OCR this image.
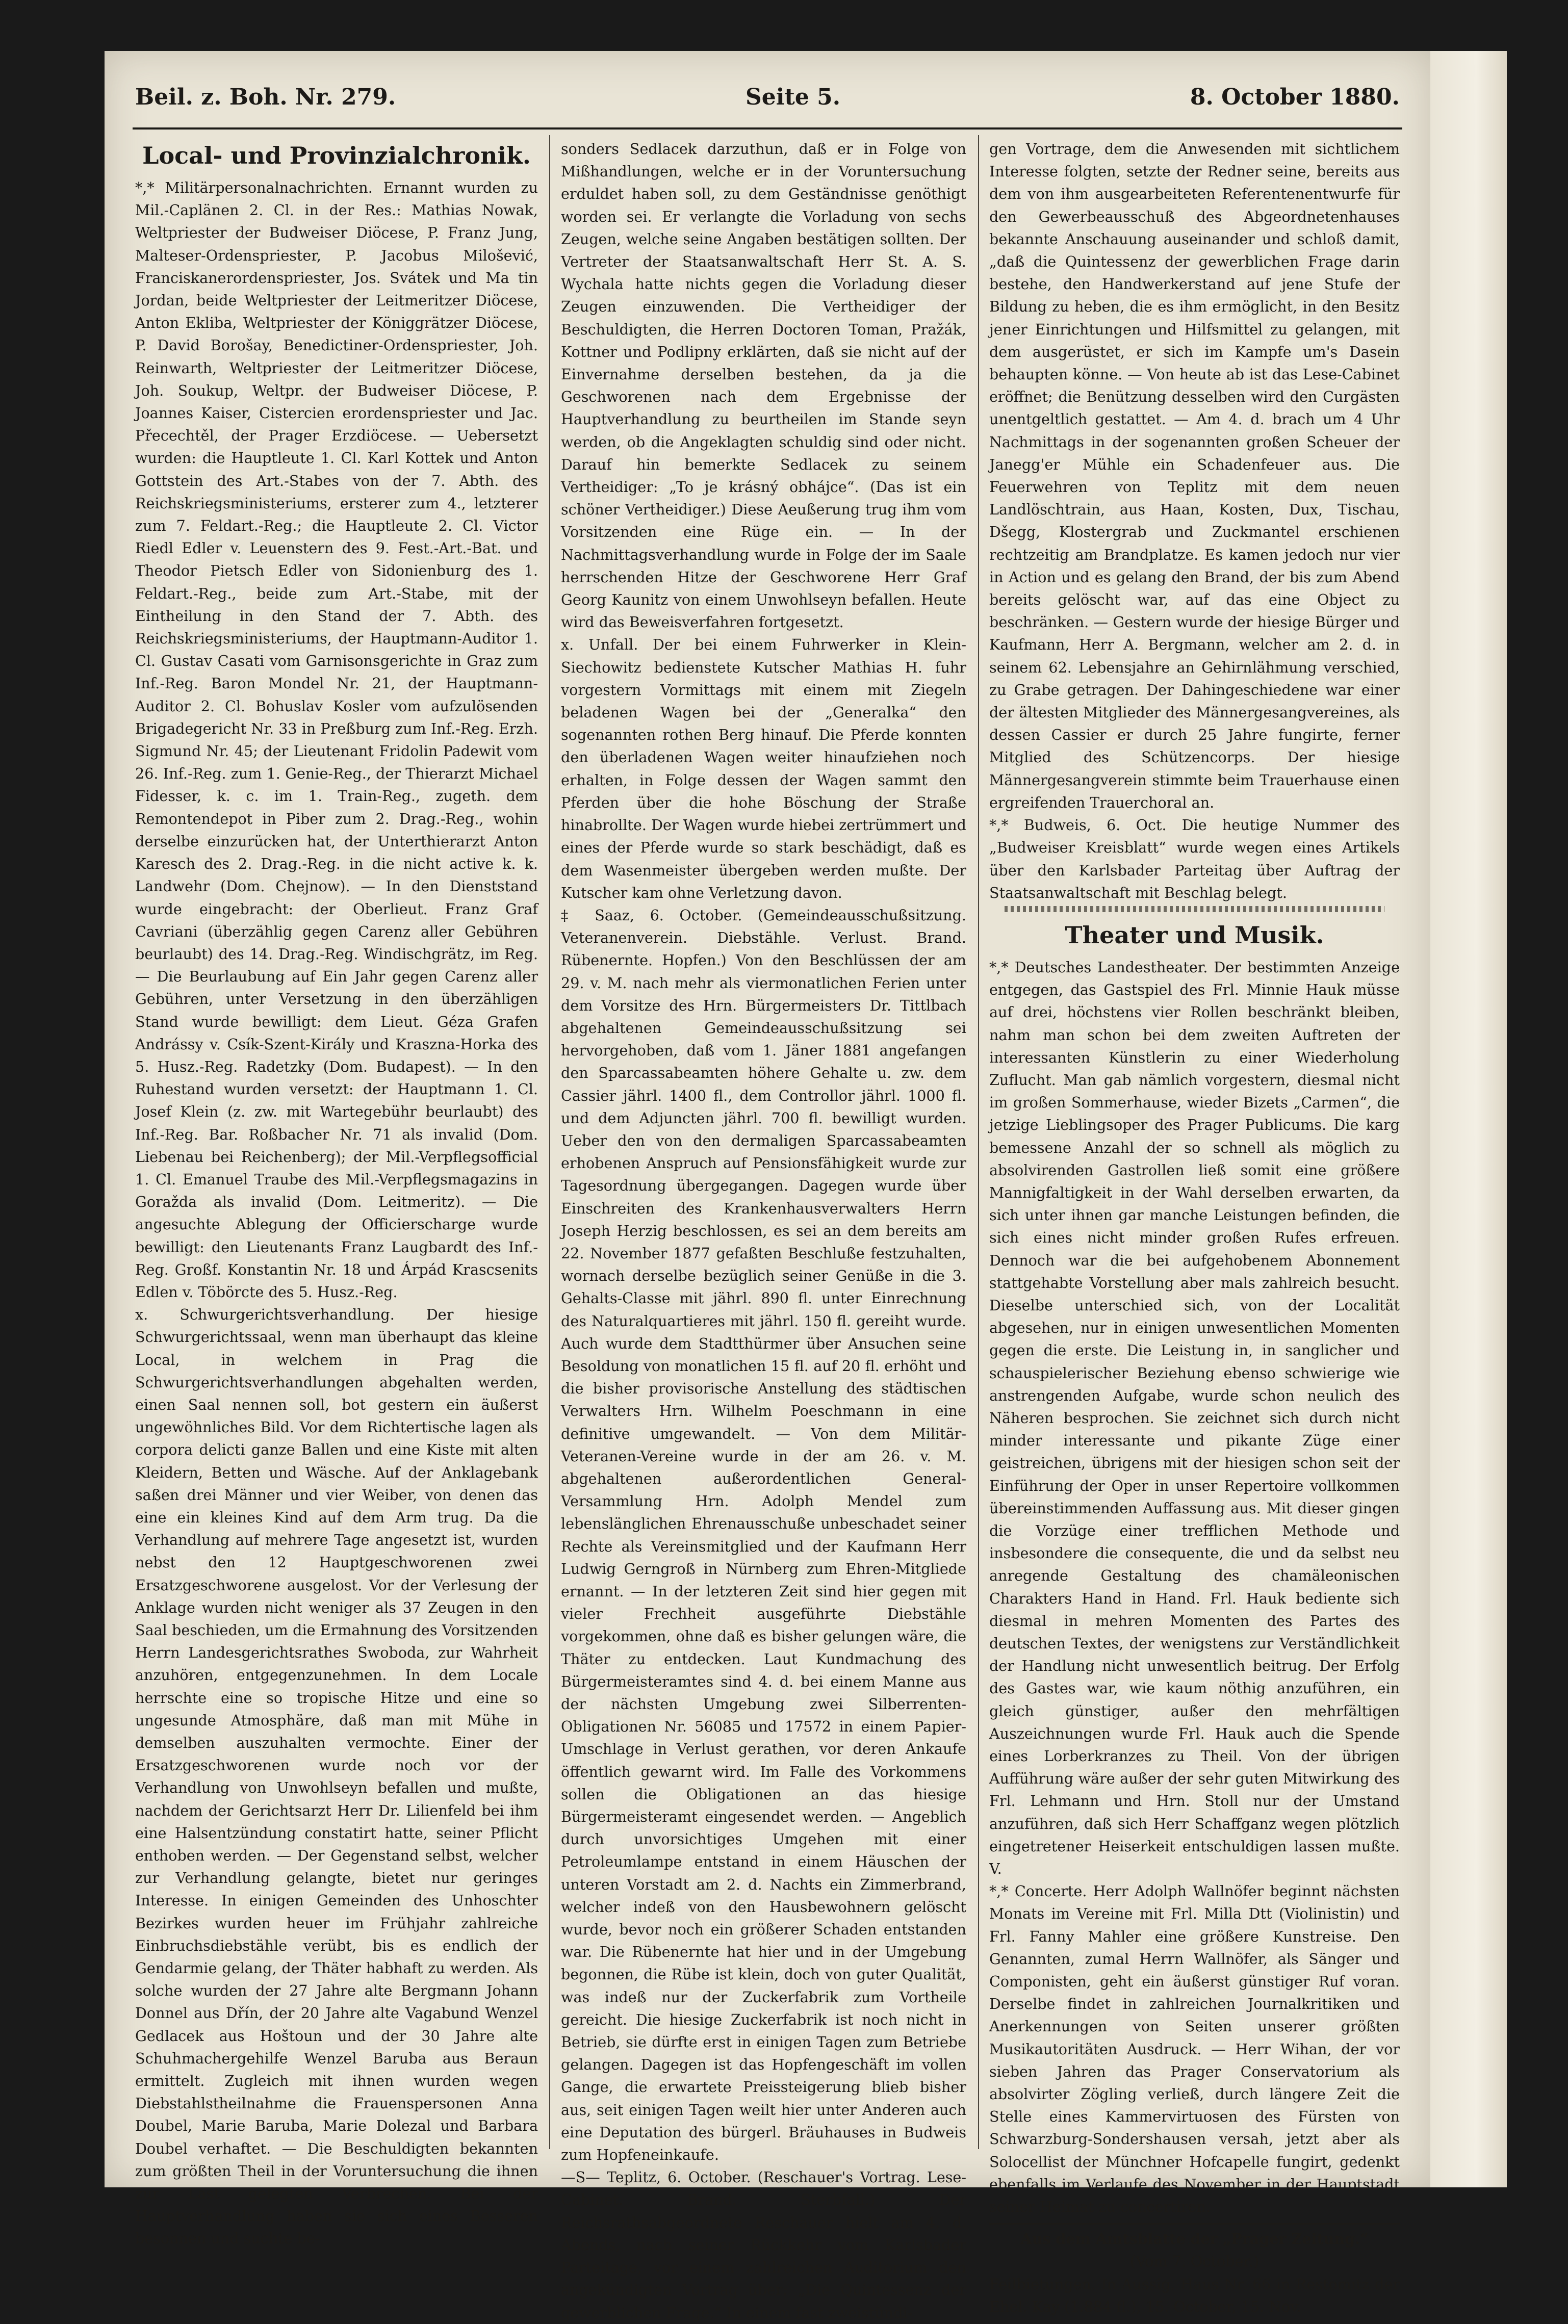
Beil. z. Boh. Nr. 279.	Seite 5.	8. October 1880.
Local- und Provinzialchronik.

*,* Militärpersonalnachrichten. Ernannt wurden zu Mil.-Caplänen 2. Cl. in der Res.: Mathias Nowak, Weltpriester der Budweiser Diöcese, P. Franz Jung, Malteser-Ordenspriester, P. Jacobus Milošević, Franciskanerordenspriester, Jos. Svátek und Ma tin Jordan, beide Weltpriester der Leitmeritzer Diöcese, Anton Ekliba, Weltpriester der Königgrätzer Diöcese, P. David Borošay, Benedictiner-Ordenspriester, Joh. Reinwarth, Weltpriester der Leitmeritzer Diöcese, Joh. Soukup, Weltpr. der Budweiser Diöcese, P. Joannes Kaiser, Cistercien erordenspriester und Jac. Přecechtěl, der Prager Erzdiöcese. — Uebersetzt wurden: die Hauptleute 1. Cl. Karl Kottek und Anton Gottstein des Art.-Stabes von der 7. Abth. des Reichskriegsministeriums, ersterer zum 4., letzterer zum 7. Feldart.-Reg.; die Hauptleute 2. Cl. Victor Riedl Edler v. Leuenstern des 9. Fest.-Art.-Bat. und Theodor Pietsch Edler von Sidonienburg des 1. Feldart.-Reg., beide zum Art.-Stabe, mit der Eintheilung in den Stand der 7. Abth. des Reichskriegsministeriums, der Hauptmann-Auditor 1. Cl. Gustav Casati vom Garnisonsgerichte in Graz zum Inf.-Reg. Baron Mondel Nr. 21, der Hauptmann-Auditor 2. Cl. Bohuslav Kosler vom aufzulösenden Brigadegericht Nr. 33 in Preßburg zum Inf.-Reg. Erzh. Sigmund Nr. 45; der Lieutenant Fridolin Padewit vom 26. Inf.-Reg. zum 1. Genie-Reg., der Thierarzt Michael Fidesser, k. c. im 1. Train-Reg., zugeth. dem Remontendepot in Piber zum 2. Drag.-Reg., wohin derselbe einzurücken hat, der Unterthierarzt Anton Karesch des 2. Drag.-Reg. in die nicht active k. k. Landwehr (Dom. Chejnow). — In den Dienststand wurde eingebracht: der Oberlieut. Franz Graf Cavriani (überzählig gegen Carenz aller Gebühren beurlaubt) des 14. Drag.-Reg. Windischgrätz, im Reg. — Die Beurlaubung auf Ein Jahr gegen Carenz aller Gebühren, unter Versetzung in den überzähligen Stand wurde bewilligt: dem Lieut. Géza Grafen Andrássy v. Csík-Szent-Király und Kraszna-Horka des 5. Husz.-Reg. Radetzky (Dom. Budapest). — In den Ruhestand wurden versetzt: der Hauptmann 1. Cl. Josef Klein (z. zw. mit Wartegebühr beurlaubt) des Inf.-Reg. Bar. Roßbacher Nr. 71 als invalid (Dom. Liebenau bei Reichenberg); der Mil.-Verpflegsofficial 1. Cl. Emanuel Traube des Mil.-Verpflegsmagazins in Goražda als invalid (Dom. Leitmeritz). — Die angesuchte Ablegung der Officierscharge wurde bewilligt: den Lieutenants Franz Laugbardt des Inf.-Reg. Großf. Konstantin Nr. 18 und Árpád Krascsenits Edlen v. Töbörcte des 5. Husz.-Reg.

x. Schwurgerichtsverhandlung. Der hiesige Schwurgerichtssaal, wenn man überhaupt das kleine Local, in welchem in Prag die Schwurgerichtsverhandlungen abgehalten werden, einen Saal nennen soll, bot gestern ein äußerst ungewöhnliches Bild. Vor dem Richtertische lagen als corpora delicti ganze Ballen und eine Kiste mit alten Kleidern, Betten und Wäsche. Auf der Anklagebank saßen drei Männer und vier Weiber, von denen das eine ein kleines Kind auf dem Arm trug. Da die Verhandlung auf mehrere Tage angesetzt ist, wurden nebst den 12 Hauptgeschworenen zwei Ersatzgeschworene ausgelost. Vor der Verlesung der Anklage wurden nicht weniger als 37 Zeugen in den Saal beschieden, um die Ermahnung des Vorsitzenden Herrn Landesgerichtsrathes Swoboda, zur Wahrheit anzuhören, entgegenzunehmen. In dem Locale herrschte eine so tropische Hitze und eine so ungesunde Atmosphäre, daß man mit Mühe in demselben auszuhalten vermochte. Einer der Ersatzgeschworenen wurde noch vor der Verhandlung von Unwohlseyn befallen und mußte, nachdem der Gerichtsarzt Herr Dr. Lilienfeld bei ihm eine Halsentzündung constatirt hatte, seiner Pflicht enthoben werden. — Der Gegenstand selbst, welcher zur Verhandlung gelangte, bietet nur geringes Interesse. In einigen Gemeinden des Unhoschter Bezirkes wurden heuer im Frühjahr zahlreiche Einbruchsdiebstähle verübt, bis es endlich der Gendarmie gelang, der Thäter habhaft zu werden. Als solche wurden der 27 Jahre alte Bergmann Johann Donnel aus Dřín, der 20 Jahre alte Vagabund Wenzel Gedlacek aus Hoštoun und der 30 Jahre alte Schuhmachergehilfe Wenzel Baruba aus Beraun ermittelt. Zugleich mit ihnen wurden wegen Diebstahlstheilnahme die Frauenspersonen Anna Doubel, Marie Baruba, Marie Dolezal und Barbara Doubel verhaftet. — Die Beschuldigten bekannten zum größten Theil in der Voruntersuchung die ihnen zur Last gelegten Verbrechen. Bei der Hauptverhandlung haben sie sich eines Besseren besonnen und suchte be-

sonders Sedlacek darzuthun, daß er in Folge von Mißhandlungen, welche er in der Voruntersuchung erduldet haben soll, zu dem Geständnisse genöthigt worden sei. Er verlangte die Vorladung von sechs Zeugen, welche seine Angaben bestätigen sollten. Der Vertreter der Staatsanwaltschaft Herr St. A. S. Wychala hatte nichts gegen die Vorladung dieser Zeugen einzuwenden. Die Vertheidiger der Beschuldigten, die Herren Doctoren Toman, Pražák, Kottner und Podlipny erklärten, daß sie nicht auf der Einvernahme derselben bestehen, da ja die Geschworenen nach dem Ergebnisse der Hauptverhandlung zu beurtheilen im Stande seyn werden, ob die Angeklagten schuldig sind oder nicht. Darauf hin bemerkte Sedlacek zu seinem Vertheidiger: „To je krásný obhájce“. (Das ist ein schöner Vertheidiger.) Diese Aeußerung trug ihm vom Vorsitzenden eine Rüge ein. — In der Nachmittagsverhandlung wurde in Folge der im Saale herrschenden Hitze der Geschworene Herr Graf Georg Kaunitz von einem Unwohlseyn befallen. Heute wird das Beweisverfahren fortgesetzt.

x. Unfall. Der bei einem Fuhrwerker in Klein-Siechowitz bedienstete Kutscher Mathias H. fuhr vorgestern Vormittags mit einem mit Ziegeln beladenen Wagen bei der „Generalka“ den sogenannten rothen Berg hinauf. Die Pferde konnten den überladenen Wagen weiter hinaufziehen noch erhalten, in Folge dessen der Wagen sammt den Pferden über die hohe Böschung der Straße hinabrollte. Der Wagen wurde hiebei zertrümmert und eines der Pferde wurde so stark beschädigt, daß es dem Wasenmeister übergeben werden mußte. Der Kutscher kam ohne Verletzung davon.

‡ Saaz, 6. October. (Gemeindeausschußsitzung. Veteranenverein. Diebstähle. Verlust. Brand. Rübenernte. Hopfen.) Von den Beschlüssen der am 29. v. M. nach mehr als viermonatlichen Ferien unter dem Vorsitze des Hrn. Bürgermeisters Dr. Tittlbach abgehaltenen Gemeindeausschußsitzung sei hervorgehoben, daß vom 1. Jäner 1881 angefangen den Sparcassabeamten höhere Gehalte u. zw. dem Cassier jährl. 1400 fl., dem Controllor jährl. 1000 fl. und dem Adjuncten jährl. 700 fl. bewilligt wurden. Ueber den von den dermaligen Sparcassabeamten erhobenen Anspruch auf Pensionsfähigkeit wurde zur Tagesordnung übergegangen. Dagegen wurde über Einschreiten des Krankenhausverwalters Herrn Joseph Herzig beschlossen, es sei an dem bereits am 22. November 1877 gefaßten Beschluße festzuhalten, wornach derselbe bezüglich seiner Genüße in die 3. Gehalts-Classe mit jährl. 890 fl. unter Einrechnung des Naturalquartieres mit jährl. 150 fl. gereiht wurde. Auch wurde dem Stadtthürmer über Ansuchen seine Besoldung von monatlichen 15 fl. auf 20 fl. erhöht und die bisher provisorische Anstellung des städtischen Verwalters Hrn. Wilhelm Poeschmann in eine definitive umgewandelt. — Von dem Militär-Veteranen-Vereine wurde in der am 26. v. M. abgehaltenen außerordentlichen General-Versammlung Hrn. Adolph Mendel zum lebenslänglichen Ehrenausschuße unbeschadet seiner Rechte als Vereinsmitglied und der Kaufmann Herr Ludwig Gerngroß in Nürnberg zum Ehren-Mitgliede ernannt. — In der letzteren Zeit sind hier gegen mit vieler Frechheit ausgeführte Diebstähle vorgekommen, ohne daß es bisher gelungen wäre, die Thäter zu entdecken. Laut Kundmachung des Bürgermeisteramtes sind 4. d. bei einem Manne aus der nächsten Umgebung zwei Silberrenten-Obligationen Nr. 56085 und 17572 in einem Papier-Umschlage in Verlust gerathen, vor deren Ankaufe öffentlich gewarnt wird. Im Falle des Vorkommens sollen die Obligationen an das hiesige Bürgermeisteramt eingesendet werden. — Angeblich durch unvorsichtiges Umgehen mit einer Petroleumlampe entstand in einem Häuschen der unteren Vorstadt am 2. d. Nachts ein Zimmerbrand, welcher indeß von den Hausbewohnern gelöscht wurde, bevor noch ein größerer Schaden entstanden war. Die Rübenernte hat hier und in der Umgebung begonnen, die Rübe ist klein, doch von guter Qualität, was indeß nur der Zuckerfabrik zum Vortheile gereicht. Die hiesige Zuckerfabrik ist noch nicht in Betrieb, sie dürfte erst in einigen Tagen zum Betriebe gelangen. Dagegen ist das Hopfengeschäft im vollen Gange, die erwartete Preissteigerung blieb bisher aus, seit einigen Tagen weilt hier unter Anderen auch eine Deputation des bürgerl. Bräuhauses in Budweis zum Hopfeneinkaufe.

—S— Teplitz, 6. October. (Reschauer's Vortrag. Lese-Cabinet. Brand. Sterbfall.) Der Reichsrathsabgeordnete Reschauer hielt am 4. d. Abends, nach seiner Rückkehr vom Karlsbader Parteitage, vor einem zahlreichen Auditorium den angekündigten Vortrag über: „Die Quintessenz der gewerblichen Frage.“ In einem fast zweistündi-

gen Vortrage, dem die Anwesenden mit sichtlichem Interesse folgten, setzte der Redner seine, bereits aus dem von ihm ausgearbeiteten Referentenentwurfe für den Gewerbeausschuß des Abgeordnetenhauses bekannte Anschauung auseinander und schloß damit, „daß die Quintessenz der gewerblichen Frage darin bestehe, den Handwerkerstand auf jene Stufe der Bildung zu heben, die es ihm ermöglicht, in den Besitz jener Einrichtungen und Hilfsmittel zu gelangen, mit dem ausgerüstet, er sich im Kampfe um's Dasein behaupten könne. — Von heute ab ist das Lese-Cabinet eröffnet; die Benützung desselben wird den Curgästen unentgeltlich gestattet. — Am 4. d. brach um 4 Uhr Nachmittags in der sogenannten großen Scheuer der Janegg'er Mühle ein Schadenfeuer aus. Die Feuerwehren von Teplitz mit dem neuen Landlöschtrain, aus Haan, Kosten, Dux, Tischau, Dšegg, Klostergrab und Zuckmantel erschienen rechtzeitig am Brandplatze. Es kamen jedoch nur vier in Action und es gelang den Brand, der bis zum Abend bereits gelöscht war, auf das eine Object zu beschränken. — Gestern wurde der hiesige Bürger und Kaufmann, Herr A. Bergmann, welcher am 2. d. in seinem 62. Lebensjahre an Gehirnlähmung verschied, zu Grabe getragen. Der Dahingeschiedene war einer der ältesten Mitglieder des Männergesangvereines, als dessen Cassier er durch 25 Jahre fungirte, ferner Mitglied des Schützencorps. Der hiesige Männergesangverein stimmte beim Trauerhause einen ergreifenden Trauerchoral an.

*,* Budweis, 6. Oct. Die heutige Nummer des „Budweiser Kreisblatt“ wurde wegen eines Artikels über den Karlsbader Parteitag über Auftrag der Staatsanwaltschaft mit Beschlag belegt.

Theater und Musik.

*,* Deutsches Landestheater. Der bestimmten Anzeige entgegen, das Gastspiel des Frl. Minnie Hauk müsse auf drei, höchstens vier Rollen beschränkt bleiben, nahm man schon bei dem zweiten Auftreten der interessanten Künstlerin zu einer Wiederholung Zuflucht. Man gab nämlich vorgestern, diesmal nicht im großen Sommerhause, wieder Bizets „Carmen“, die jetzige Lieblingsoper des Prager Publicums. Die karg bemessene Anzahl der so schnell als möglich zu absolvirenden Gastrollen ließ somit eine größere Mannigfaltigkeit in der Wahl derselben erwarten, da sich unter ihnen gar manche Leistungen befinden, die sich eines nicht minder großen Rufes erfreuen. Dennoch war die bei aufgehobenem Abonnement stattgehabte Vorstellung aber mals zahlreich besucht. Dieselbe unterschied sich, von der Localität abgesehen, nur in einigen unwesentlichen Momenten gegen die erste. Die Leistung in, in sanglicher und schauspielerischer Beziehung ebenso schwierige wie anstrengenden Aufgabe, wurde schon neulich des Näheren besprochen. Sie zeichnet sich durch nicht minder interessante und pikante Züge einer geistreichen, übrigens mit der hiesigen schon seit der Einführung der Oper in unser Repertoire vollkommen übereinstimmenden Auffassung aus. Mit dieser gingen die Vorzüge einer trefflichen Methode und insbesondere die consequente, die und da selbst neu anregende Gestaltung des chamäleonischen Charakters Hand in Hand. Frl. Hauk bediente sich diesmal in mehren Momenten des Partes des deutschen Textes, der wenigstens zur Verständlichkeit der Handlung nicht unwesentlich beitrug. Der Erfolg des Gastes war, wie kaum nöthig anzuführen, ein gleich günstiger, außer den mehrfältigen Auszeichnungen wurde Frl. Hauk auch die Spende eines Lorberkranzes zu Theil. Von der übrigen Aufführung wäre außer der sehr guten Mitwirkung des Frl. Lehmann und Hrn. Stoll nur der Umstand anzuführen, daß sich Herr Schaffganz wegen plötzlich eingetretener Heiserkeit entschuldigen lassen mußte. V.

*,* Concerte. Herr Adolph Wallnöfer beginnt nächsten Monats im Vereine mit Frl. Milla Dtt (Violinistin) und Frl. Fanny Mahler eine größere Kunstreise. Den Genannten, zumal Herrn Wallnöfer, als Sänger und Componisten, geht ein äußerst günstiger Ruf voran. Derselbe findet in zahlreichen Journalkritiken und Anerkennungen von Seiten unserer größten Musikautoritäten Ausdruck. — Herr Wihan, der vor sieben Jahren das Prager Conservatorium als absolvirter Zögling verließ, durch längere Zeit die Stelle eines Kammervirtuosen des Fürsten von Schwarzburg-Sondershausen versah, jetzt aber als Solocellist der Münchner Hofcapelle fungirt, gedenkt ebenfalls im Verlaufe des November in der Hauptstadt seiner Heimat zu concertiren.

Aus dem Amtsblatte der „Prager Zeitung.“

(Vom 7. October.)

Feilbietungen. In Aussig. Haus Nr. 66 in Restomitz der Ehel. Kay (1.884 fl.), 15. October, 15. Nov.
